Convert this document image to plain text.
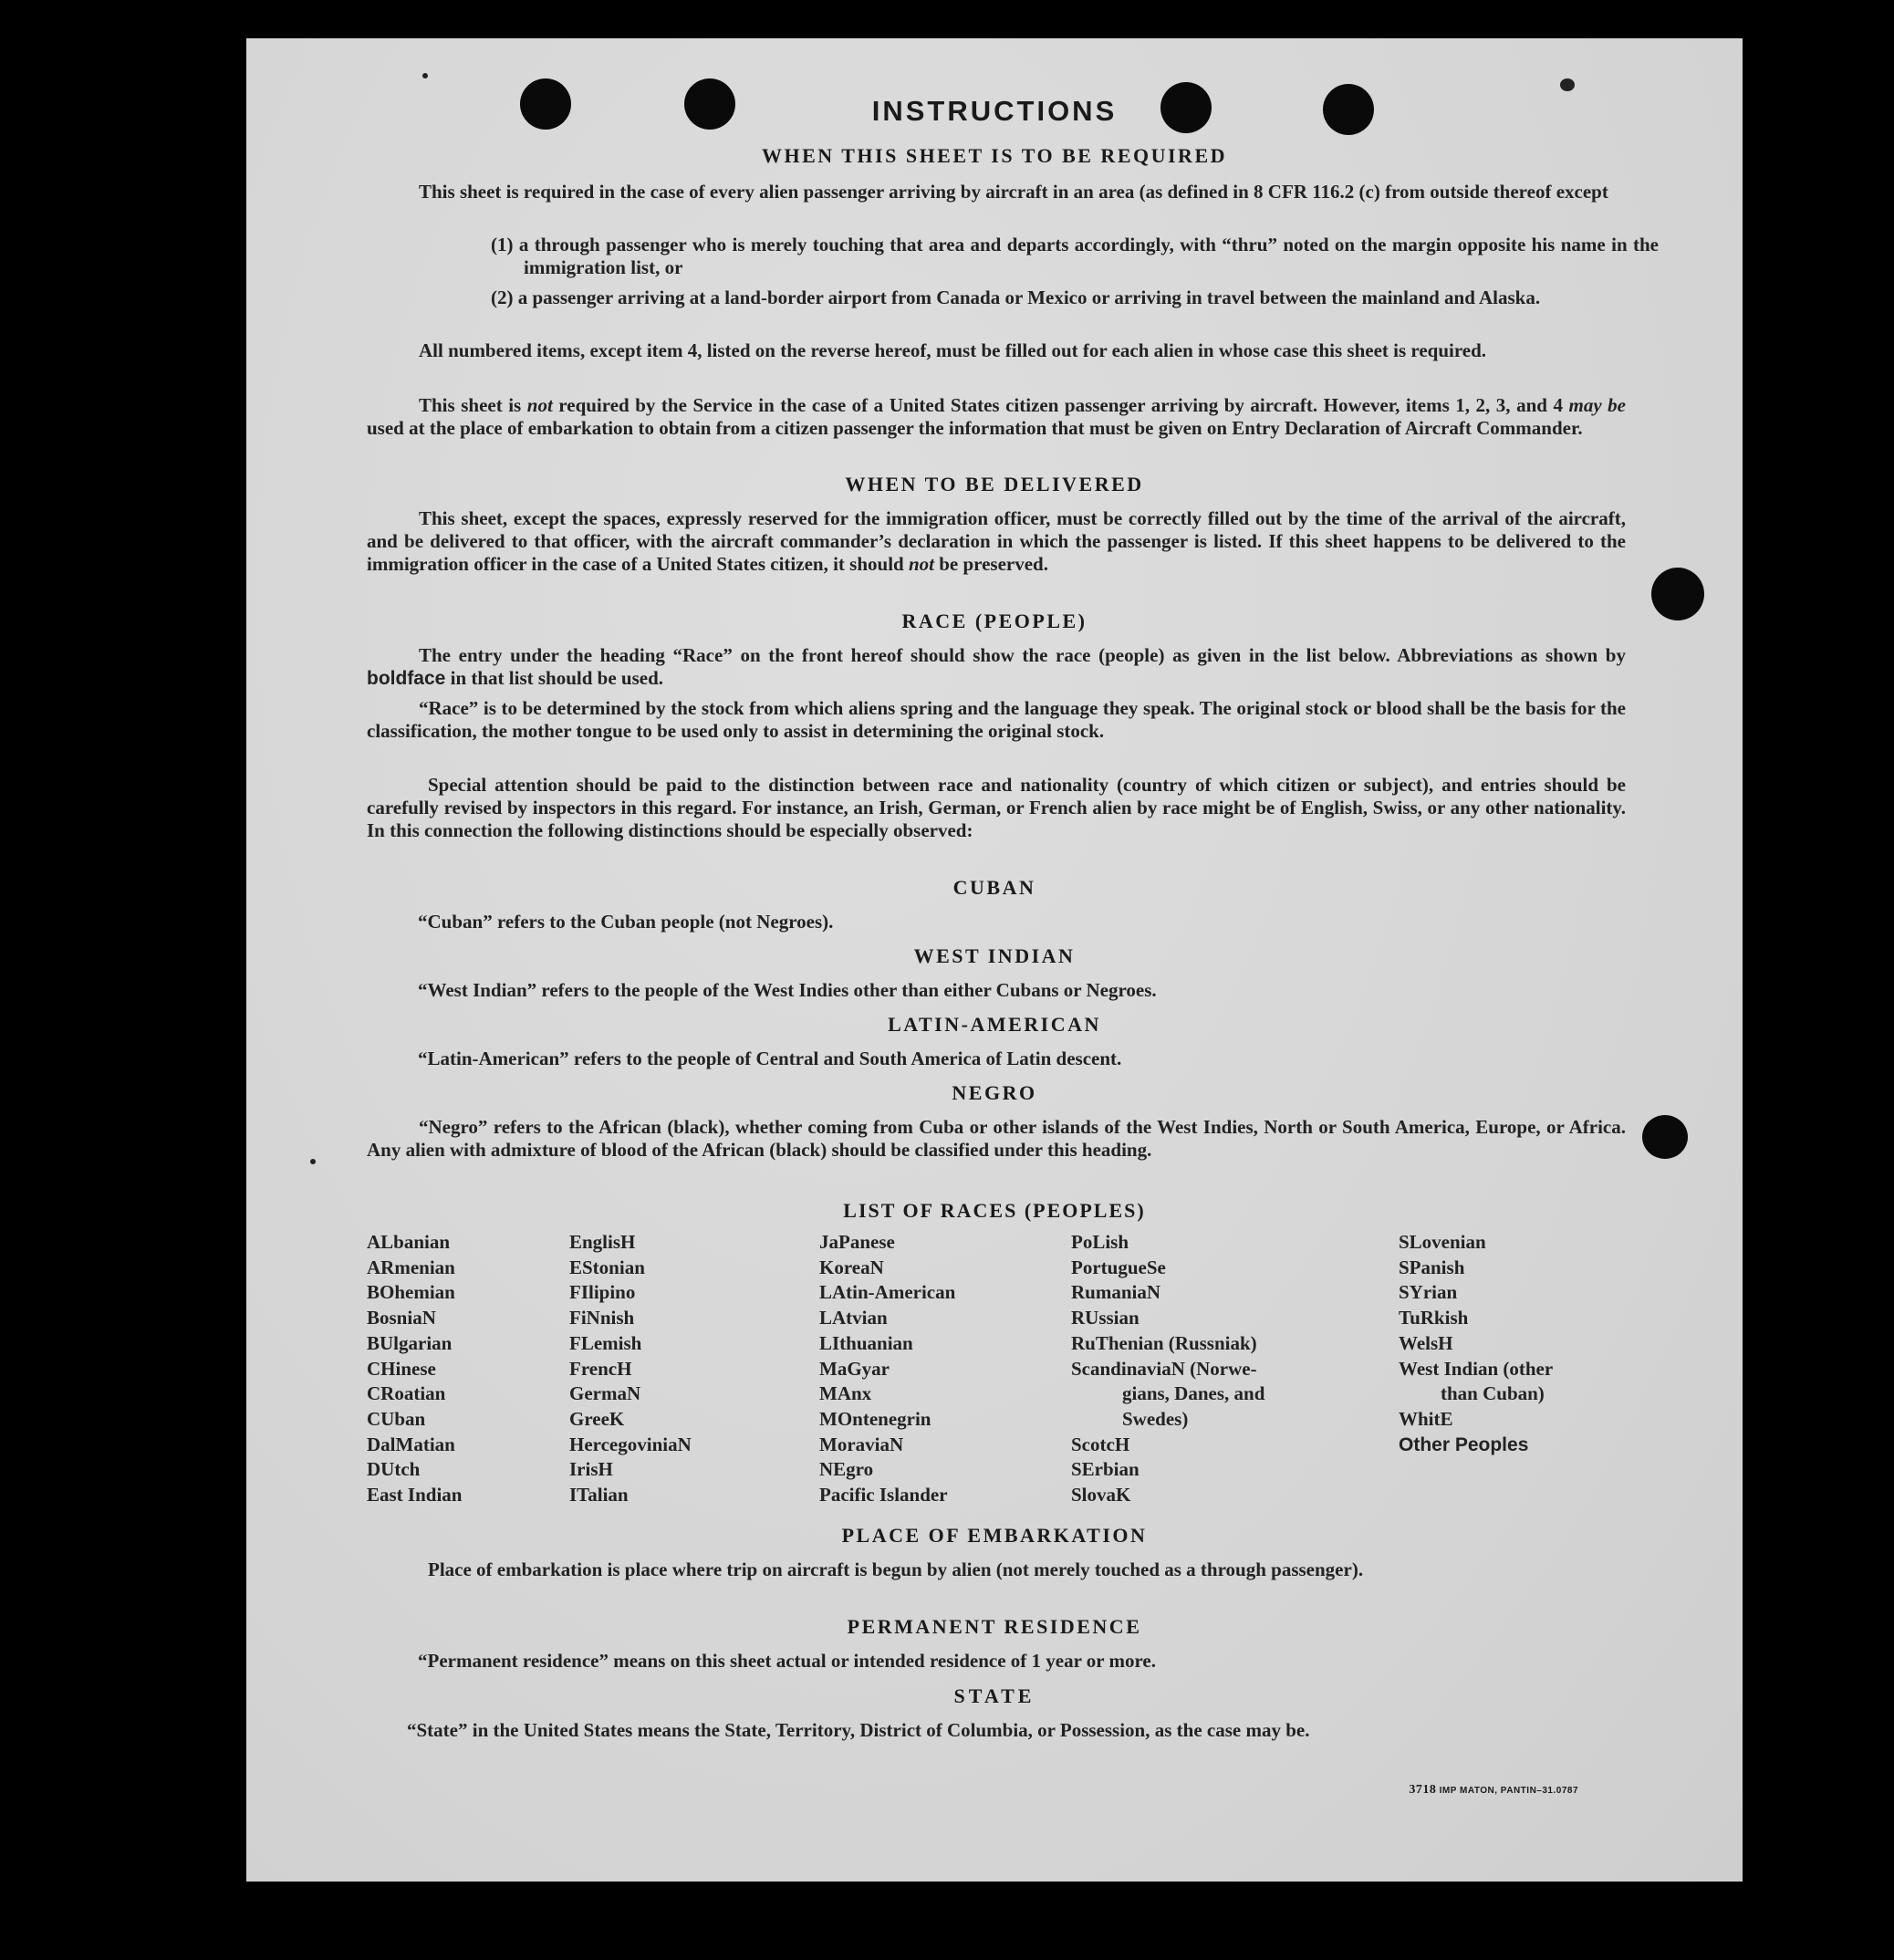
INSTRUCTIONS
WHEN THIS SHEET IS TO BE REQUIRED
This sheet is required in the case of every alien passenger arriving by aircraft in an area (as defined in 8 CFR 116.2 (c) from outside thereof except
(1) a through passenger who is merely touching that area and departs accordingly, with “thru” noted on the margin opposite his name in the immigration list, or
(2) a passenger arriving at a land-border airport from Canada or Mexico or arriving in travel between the mainland and Alaska.
All numbered items, except item 4, listed on the reverse hereof, must be filled out for each alien in whose case this sheet is required.
This sheet is not required by the Service in the case of a United States citizen passenger arriving by aircraft. However, items 1, 2, 3, and 4 may be used at the place of embarkation to obtain from a citizen passenger the information that must be given on Entry Declaration of Aircraft Commander.
WHEN TO BE DELIVERED
This sheet, except the spaces, expressly reserved for the immigration officer, must be correctly filled out by the time of the arrival of the aircraft, and be delivered to that officer, with the aircraft commander’s declaration in which the passenger is listed. If this sheet happens to be delivered to the immigration officer in the case of a United States citizen, it should not be preserved.
RACE (PEOPLE)
The entry under the heading “Race” on the front hereof should show the race (people) as given in the list below. Abbreviations as shown by boldface in that list should be used.
“Race” is to be determined by the stock from which aliens spring and the language they speak. The original stock or blood shall be the basis for the classification, the mother tongue to be used only to assist in determining the original stock.
Special attention should be paid to the distinction between race and nationality (country of which citizen or subject), and entries should be carefully revised by inspectors in this regard. For instance, an Irish, German, or French alien by race might be of English, Swiss, or any other nationality. In this connection the following distinctions should be especially observed:
CUBAN
“Cuban” refers to the Cuban people (not Negroes).
WEST INDIAN
“West Indian” refers to the people of the West Indies other than either Cubans or Negroes.
LATIN-AMERICAN
“Latin-American” refers to the people of Central and South America of Latin descent.
NEGRO
“Negro” refers to the African (black), whether coming from Cuba or other islands of the West Indies, North or South America, Europe, or Africa. Any alien with admixture of blood of the African (black) should be classified under this heading.
LIST OF RACES (PEOPLES)
ALbanian
ARmenian
BOhemian
BosniaN
BUlgarian
CHinese
CRoatian
CUban
DalMatian
DUtch
East Indian
EnglisH
EStonian
FIlipino
FiNnish
FLemish
FrencH
GermaN
GreeK
HercegoviniaN
IrisH
ITalian
JaPanese
KoreaN
LAtin-American
LAtvian
LIthuanian
MaGyar
MAnx
MOntenegrin
MoraviaN
NEgro
Pacific Islander
PoLish
PortugueSe
RumaniaN
RUssian
RuThenian (Russniak)
ScandinaviaN (Norwe-
gians, Danes, and
Swedes)
ScotcH
SErbian
SlovaK
SLovenian
SPanish
SYrian
TuRkish
WelsH
West Indian (other
than Cuban)
WhitE
Other Peoples
PLACE OF EMBARKATION
Place of embarkation is place where trip on aircraft is begun by alien (not merely touched as a through passenger).
PERMANENT RESIDENCE
“Permanent residence” means on this sheet actual or intended residence of 1 year or more.
STATE
“State” in the United States means the State, Territory, District of Columbia, or Possession, as the case may be.
3718 IMP MATON, PANTIN–31.0787
